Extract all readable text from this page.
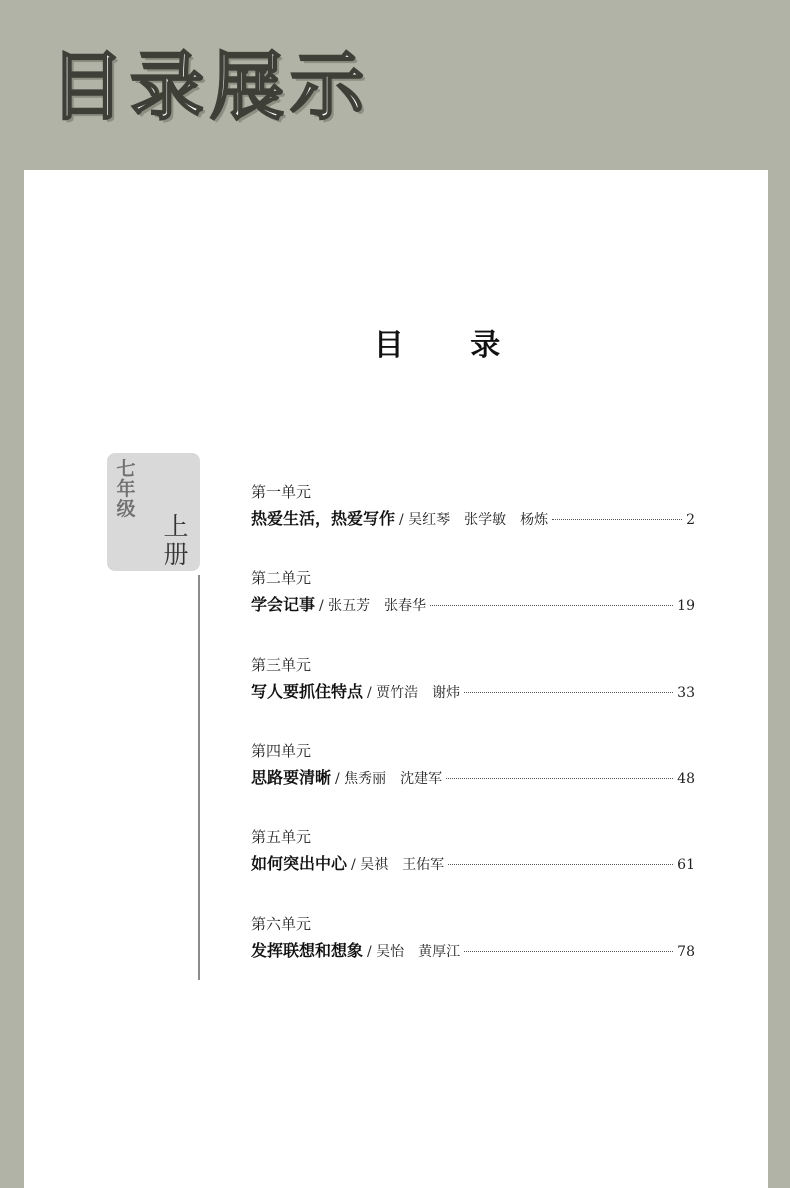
目录展示
目 录
七年级
上册
第一单元
热爱生活，热爱写作 / 吴红琴　张学敏　杨炼	2
第二单元
学会记事 / 张五芳　张春华	19
第三单元
写人要抓住特点 / 贾竹浩　谢炜	33
第四单元
思路要清晰 / 焦秀丽　沈建军	48
第五单元
如何突出中心 / 吴祺　王佑军	61
第六单元
发挥联想和想象 / 吴怡　黄厚江	78
